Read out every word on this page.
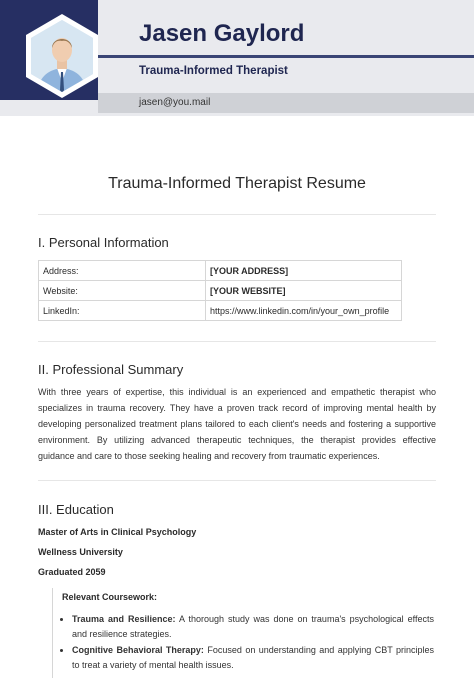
Jasen Gaylord
Trauma-Informed Therapist
jasen@you.mail
Trauma-Informed Therapist Resume
I. Personal Information
Address:	[YOUR ADDRESS]
Website:	[YOUR WEBSITE]
LinkedIn:	https://www.linkedin.com/in/your_own_profile
II. Professional Summary
With three years of expertise, this individual is an experienced and empathetic therapist who specializes in trauma recovery. They have a proven track record of improving mental health by developing personalized treatment plans tailored to each client's needs and fostering a supportive environment. By utilizing advanced therapeutic techniques, the therapist provides effective guidance and care to those seeking healing and recovery from traumatic experiences.
III. Education
Master of Arts in Clinical Psychology
Wellness University
Graduated 2059
Relevant Coursework:
• Trauma and Resilience: A thorough study was done on trauma's psychological effects and resilience strategies.
• Cognitive Behavioral Therapy: Focused on understanding and applying CBT principles to treat a variety of mental health issues.
